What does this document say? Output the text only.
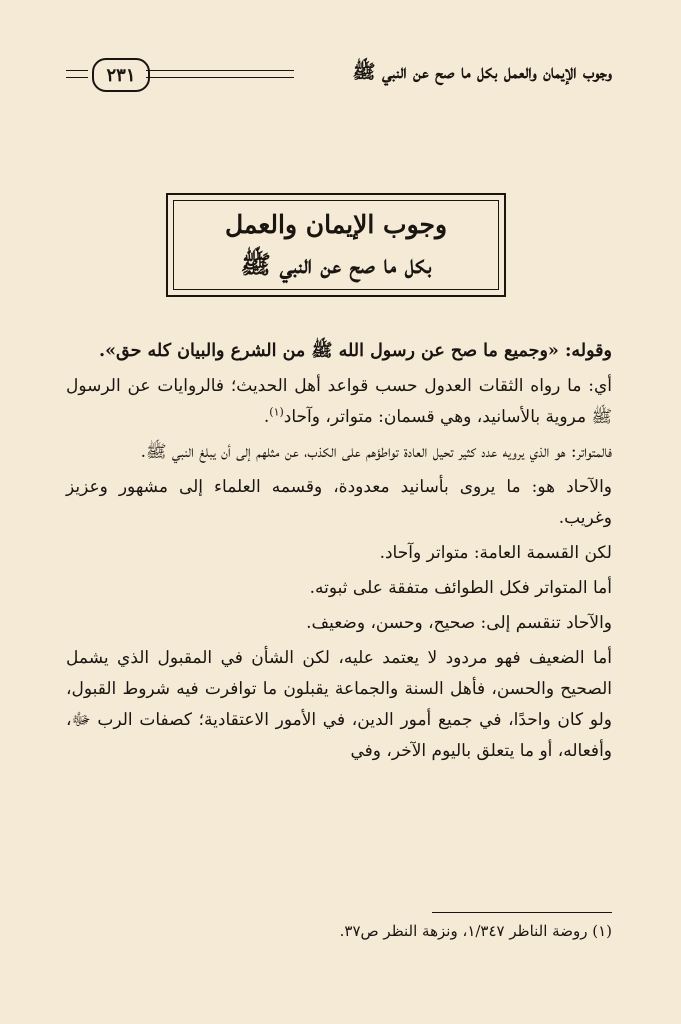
٢٣١	وجوب الإيمان والعمل بكل ما صح عن النبي ﷺ
وجوب الإيمان والعمل
بكل ما صح عن النبي ﷺ

وقوله: «وجميع ما صح عن رسول الله ﷺ من الشرع والبيان كله حق».

أي: ما رواه الثقات العدول حسب قواعد أهل الحديث؛ فالروايات عن الرسول ﷺ مروية بالأسانيد، وهي قسمان: متواتر، وآحاد$^{(١)}$.

فالمتواتر: هو الذي يرويه عدد كثير تحيل العادة تواطؤهم على الكذب، عن مثلهم إلى أن يبلغ النبي ﷺ.

والآحاد هو: ما يروى بأسانيد معدودة، وقسمه العلماء إلى مشهور وعزيز وغريب.

لكن القسمة العامة: متواتر وآحاد.

أما المتواتر فكل الطوائف متفقة على ثبوته.

والآحاد تنقسم إلى: صحيح، وحسن، وضعيف.

أما الضعيف فهو مردود لا يعتمد عليه، لكن الشأن في المقبول الذي يشمل الصحيح والحسن، فأهل السنة والجماعة يقبلون ما توافرت فيه شروط القبول، ولو كان واحدًا، في جميع أمور الدين، في الأمور الاعتقادية؛ كصفات الرب ﷻ، وأفعاله، أو ما يتعلق باليوم الآخر، وفي

(١) روضة الناظر ١/٣٤٧، ونزهة النظر ص٣٧.
